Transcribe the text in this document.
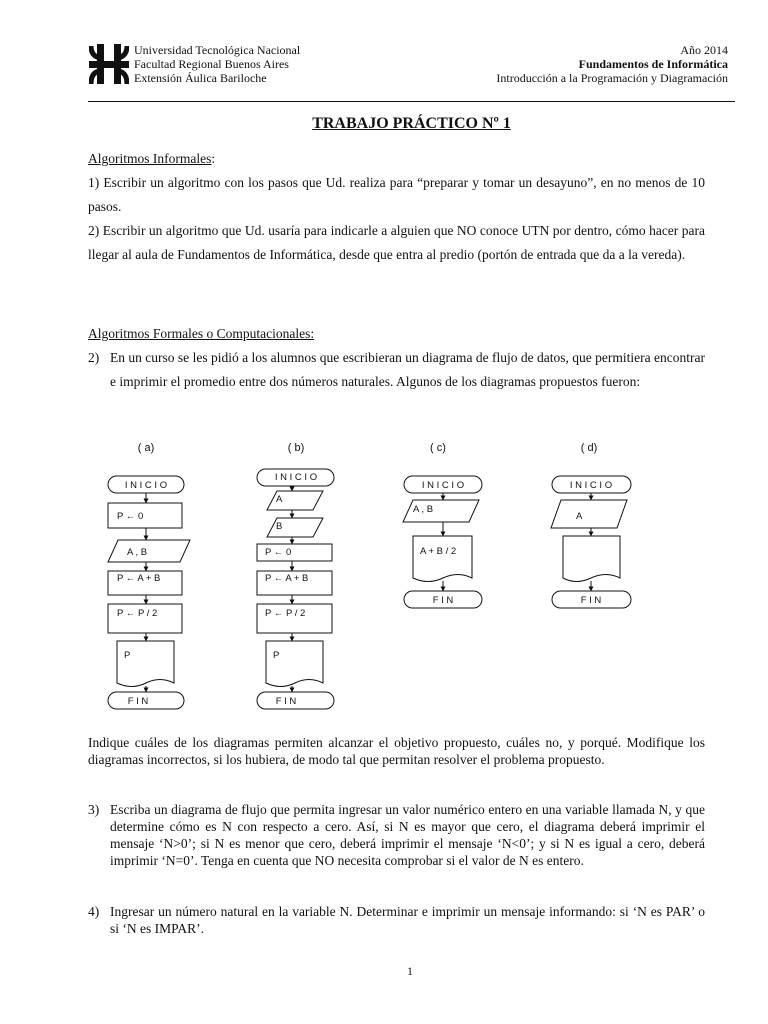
Universidad Tecnológica Nacional
Facultad Regional Buenos Aires
Extensión Áulica Bariloche
Año 2014
Fundamentos de Informática
Introducción a la Programación y Diagramación
TRABAJO PRÁCTICO Nº 1
Algoritmos Informales:
1) Escribir un algoritmo con los pasos que Ud. realiza para “preparar y tomar un desayuno”, en no menos de 10 pasos.
2) Escribir un algoritmo que Ud. usaría para indicarle a alguien que NO conoce UTN por dentro, cómo hacer para llegar al aula de Fundamentos de Informática, desde que entra al predio (portón de entrada que da a la vereda).
Algoritmos Formales o Computacionales:
2) En un curso se les pidió a los alumnos que escribieran un diagrama de flujo de datos, que permitiera encontrar e imprimir el promedio entre dos números naturales. Algunos de los diagramas propuestos fueron:
( a)
I N I C I O
P ← 0
A , B
P ← A + B
P ← P / 2
P
F I N
( b)
I N I C I O
A
B
P ← 0
P ← A + B
P ← P / 2
P
F I N
( c)
I N I C I O
A , B
A + B / 2
F I N
( d)
I N I C I O
A
F I N
Indique cuáles de los diagramas permiten alcanzar el objetivo propuesto, cuáles no, y porqué. Modifique los diagramas incorrectos, si los hubiera, de modo tal que permitan resolver el problema propuesto.
3) Escriba un diagrama de flujo que permita ingresar un valor numérico entero en una variable llamada N, y que determine cómo es N con respecto a cero. Así, si N es mayor que cero, el diagrama deberá imprimir el mensaje ‘N>0’; si N es menor que cero, deberá imprimir el mensaje ‘N<0’; y si N es igual a cero, deberá imprimir ‘N=0’. Tenga en cuenta que NO necesita comprobar si el valor de N es entero.
4) Ingresar un número natural en la variable N. Determinar e imprimir un mensaje informando: si ‘N es PAR’ o si ‘N es IMPAR’.
1
